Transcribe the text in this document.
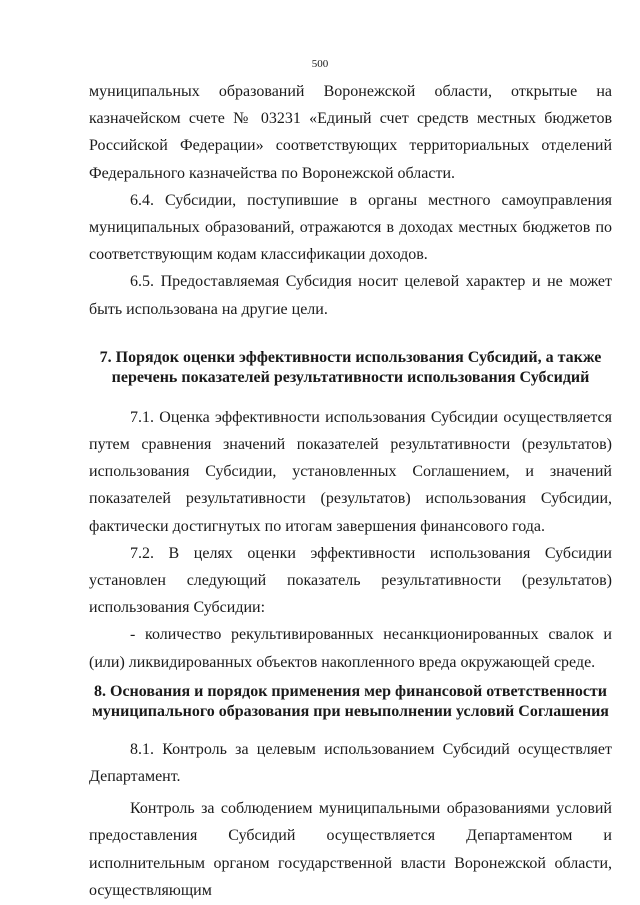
500

муниципальных образований Воронежской области, открытые на казначейском счете № 03231 «Единый счет средств местных бюджетов Российской Федерации» соответствующих территориальных отделений Федерального казначейства по Воронежской области.

6.4. Субсидии, поступившие в органы местного самоуправления муниципальных образований, отражаются в доходах местных бюджетов по соответствующим кодам классификации доходов.

6.5. Предоставляемая Субсидия носит целевой характер и не может быть использована на другие цели.

7. Порядок оценки эффективности использования Субсидий, а также перечень показателей результативности использования Субсидий

7.1. Оценка эффективности использования Субсидии осуществляется путем сравнения значений показателей результативности (результатов) использования Субсидии, установленных Соглашением, и значений показателей результативности (результатов) использования Субсидии, фактически достигнутых по итогам завершения финансового года.

7.2. В целях оценки эффективности использования Субсидии установлен следующий показатель результативности (результатов) использования Субсидии:

- количество рекультивированных несанкционированных свалок и (или) ликвидированных объектов накопленного вреда окружающей среде.

8. Основания и порядок применения мер финансовой ответственности муниципального образования при невыполнении условий Соглашения

8.1. Контроль за целевым использованием Субсидий осуществляет Департамент.

Контроль за соблюдением муниципальными образованиями условий предоставления Субсидий осуществляется Департаментом и исполнительным органом государственной власти Воронежской области, осуществляющим
